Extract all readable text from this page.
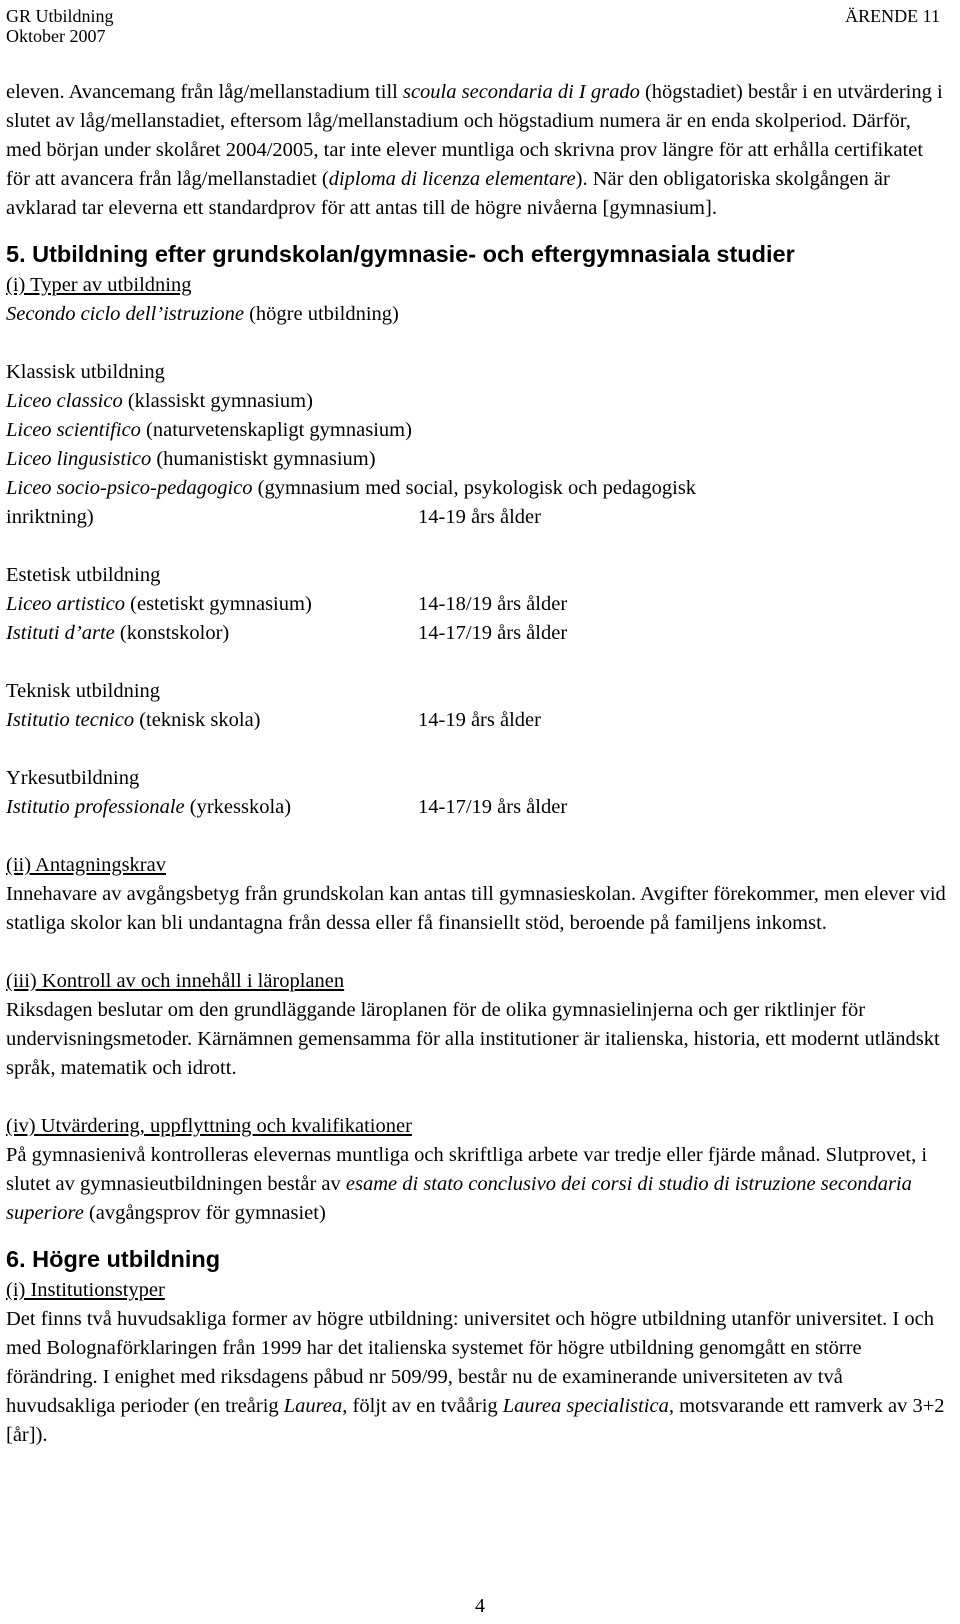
GR Utbildning
Oktober 2007
ÄRENDE 11

eleven. Avancemang från låg/mellanstadium till scoula secondaria di I grado (högstadiet) består i en utvärdering i slutet av låg/mellanstadiet, eftersom låg/mellanstadium och högstadium numera är en enda skolperiod. Därför, med början under skolåret 2004/2005, tar inte elever muntliga och skrivna prov längre för att erhålla certifikatet för att avancera från låg/mellanstadiet (diploma di licenza elementare). När den obligatoriska skolgången är avklarad tar eleverna ett standardprov för att antas till de högre nivåerna [gymnasium].

5. Utbildning efter grundskolan/gymnasie- och eftergymnasiala studier

(i) Typer av utbildning

Secondo ciclo dell’istruzione (högre utbildning)

Klassisk utbildning

Liceo classico (klassiskt gymnasium)

Liceo scientifico (naturvetenskapligt gymnasium)

Liceo lingusistico (humanistiskt gymnasium)

Liceo socio-psico-pedagogico (gymnasium med social, psykologisk och pedagogisk

inriktning)	14-19 års ålder

Estetisk utbildning

Liceo artistico (estetiskt gymnasium)	14-18/19 års ålder
Istituti d’arte (konstskolor)	14-17/19 års ålder

Teknisk utbildning

Istitutio tecnico (teknisk skola)	14-19 års ålder

Yrkesutbildning

Istitutio professionale (yrkesskola)	14-17/19 års ålder

(ii) Antagningskrav

Innehavare av avgångsbetyg från grundskolan kan antas till gymnasieskolan. Avgifter förekommer, men elever vid statliga skolor kan bli undantagna från dessa eller få finansiellt stöd, beroende på familjens inkomst.

(iii) Kontroll av och innehåll i läroplanen

Riksdagen beslutar om den grundläggande läroplanen för de olika gymnasielinjerna och ger riktlinjer för undervisningsmetoder. Kärnämnen gemensamma för alla institutioner är italienska, historia, ett modernt utländskt språk, matematik och idrott.

(iv) Utvärdering, uppflyttning och kvalifikationer

På gymnasienivå kontrolleras elevernas muntliga och skriftliga arbete var tredje eller fjärde månad. Slutprovet, i slutet av gymnasieutbildningen består av esame di stato conclusivo dei corsi di studio di istruzione secondaria superiore (avgångsprov för gymnasiet)

6. Högre utbildning

(i) Institutionstyper

Det finns två huvudsakliga former av högre utbildning: universitet och högre utbildning utanför universitet. I och med Bolognaförklaringen från 1999 har det italienska systemet för högre utbildning genomgått en större förändring. I enighet med riksdagens påbud nr 509/99, består nu de examinerande universiteten av två huvudsakliga perioder (en treårig Laurea, följt av en tvåårig Laurea specialistica, motsvarande ett ramverk av 3+2 [år]).

4
